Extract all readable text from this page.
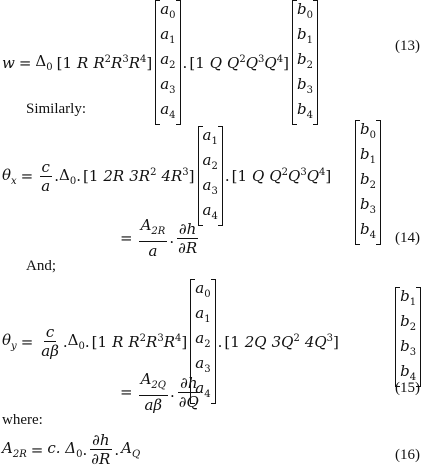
$w = \Delta_0$ [1 R $R^2R^3R^4$]
$a_0$
$a_1$
$a_2$
$a_3$
$a_4$
. [1 Q $Q^2Q^3Q^4$]
$b_0$
$b_1$
$b_2$
$b_3$
$b_4$
(13)
Similarly:
$\theta_x = \frac{c}{a}$ . $\Delta_0$ . [1 2R $3R^2$ $4R^3$]
$a_1$
$a_2$
$a_3$
$a_4$
. [1 Q $Q^2Q^3Q^4$]
$b_0$
$b_1$
$b_2$
$b_3$
$b_4$

= $\frac{A_{2R}}{a}$ . $\frac{\partial h}{\partial R}$	(14)
And;
$\theta_y = \frac{c}{a\beta}$ . $\Delta_0$ . [1 R $R^2R^3R^4$]
$a_0$
$a_1$
$a_2$
$a_3$
$a_4$
. [1 2Q $3Q^2$ $4Q^3$]
$b_1$
$b_2$
$b_3$
$b_4$
= $\frac{A_{2Q}}{a\beta}$ . $\frac{\partial h}{\partial Q}$	(15)
where:
$A_{2R} = c$. $\Delta_0$ . $\frac{\partial h}{\partial R}$ . $A_Q$	(16)
